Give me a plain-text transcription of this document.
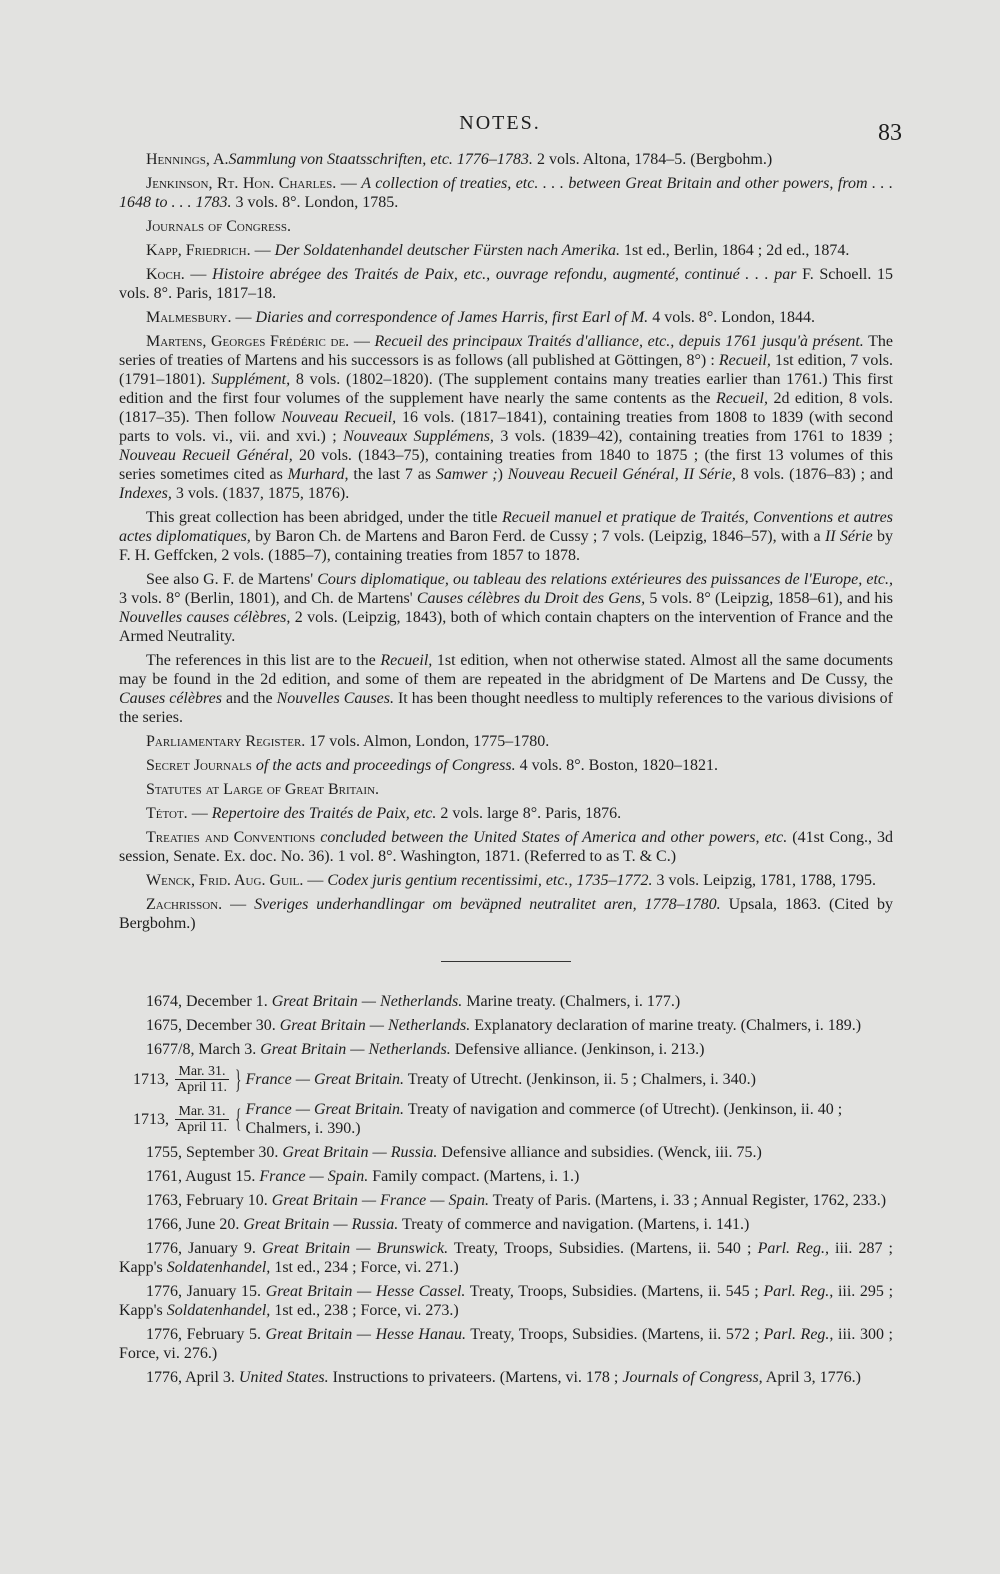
NOTES.	83

Hennings, A.Sammlung von Staatsschriften, etc. 1776–1783. 2 vols. Altona, 1784–5. (Bergbohm.)

Jenkinson, Rt. Hon. Charles. — A collection of treaties, etc. . . . between Great Britain and other powers, from . . . 1648 to . . . 1783. 3 vols. 8°. London, 1785.

Journals of Congress.

Kapp, Friedrich. — Der Soldatenhandel deutscher Fürsten nach Amerika. 1st ed., Berlin, 1864 ; 2d ed., 1874.

Koch. — Histoire abrégee des Traités de Paix, etc., ouvrage refondu, augmenté, continué . . . par F. Schoell. 15 vols. 8°. Paris, 1817–18.

Malmesbury. — Diaries and correspondence of James Harris, first Earl of M. 4 vols. 8°. London, 1844.

Martens, Georges Frédéric de. — Recueil des principaux Traités d'alliance, etc., depuis 1761 jusqu'à présent. The series of treaties of Martens and his successors is as follows (all published at Göttingen, 8°) : Recueil, 1st edition, 7 vols. (1791–1801). Supplément, 8 vols. (1802–1820). (The supplement contains many treaties earlier than 1761.) This first edition and the first four volumes of the supplement have nearly the same contents as the Recueil, 2d edition, 8 vols. (1817–35). Then follow Nouveau Recueil, 16 vols. (1817–1841), containing treaties from 1808 to 1839 (with second parts to vols. vi., vii. and xvi.) ; Nouveaux Supplémens, 3 vols. (1839–42), containing treaties from 1761 to 1839 ; Nouveau Recueil Général, 20 vols. (1843–75), containing treaties from 1840 to 1875 ; (the first 13 volumes of this series sometimes cited as Murhard, the last 7 as Samwer ;) Nouveau Recueil Général, II Série, 8 vols. (1876–83) ; and Indexes, 3 vols. (1837, 1875, 1876).

This great collection has been abridged, under the title Recueil manuel et pratique de Traités, Conventions et autres actes diplomatiques, by Baron Ch. de Martens and Baron Ferd. de Cussy ; 7 vols. (Leipzig, 1846–57), with a II Série by F. H. Geffcken, 2 vols. (1885–7), containing treaties from 1857 to 1878.

See also G. F. de Martens' Cours diplomatique, ou tableau des relations extérieures des puissances de l'Europe, etc., 3 vols. 8° (Berlin, 1801), and Ch. de Martens' Causes célèbres du Droit des Gens, 5 vols. 8° (Leipzig, 1858–61), and his Nouvelles causes célèbres, 2 vols. (Leipzig, 1843), both of which contain chapters on the intervention of France and the Armed Neutrality.

The references in this list are to the Recueil, 1st edition, when not otherwise stated. Almost all the same documents may be found in the 2d edition, and some of them are repeated in the abridgment of De Martens and De Cussy, the Causes célèbres and the Nouvelles Causes. It has been thought needless to multiply references to the various divisions of the series.

Parliamentary Register. 17 vols. Almon, London, 1775–1780.

Secret Journals of the acts and proceedings of Congress. 4 vols. 8°. Boston, 1820–1821.

Statutes at Large of Great Britain.

Tétot. — Repertoire des Traités de Paix, etc. 2 vols. large 8°. Paris, 1876.

Treaties and Conventions concluded between the United States of America and other powers, etc. (41st Cong., 3d session, Senate. Ex. doc. No. 36). 1 vol. 8°. Washington, 1871. (Referred to as T. & C.)

Wenck, Frid. Aug. Guil. — Codex juris gentium recentissimi, etc., 1735–1772. 3 vols. Leipzig, 1781, 1788, 1795.

Zachrisson. — Sveriges underhandlingar om beväpned neutralitet aren, 1778–1780. Upsala, 1863. (Cited by Bergbohm.)

1674, December 1. Great Britain — Netherlands. Marine treaty. (Chalmers, i. 177.)

1675, December 30. Great Britain — Netherlands. Explanatory declaration of marine treaty. (Chalmers, i. 189.)

1677/8, March 3. Great Britain — Netherlands. Defensive alliance. (Jenkinson, i. 213.)

1713, $\frac{\text{Mar. 31.}}{\text{April 11.}}$ } France — Great Britain. Treaty of Utrecht. (Jenkinson, ii. 5 ; Chalmers, i. 340.)
1713, $\frac{\text{Mar. 31.}}{\text{April 11.}}$ { France — Great Britain. Treaty of navigation and commerce (of Utrecht). (Jenkinson, ii. 40 ; Chalmers, i. 390.)

1755, September 30. Great Britain — Russia. Defensive alliance and subsidies. (Wenck, iii. 75.)

1761, August 15. France — Spain. Family compact. (Martens, i. 1.)

1763, February 10. Great Britain — France — Spain. Treaty of Paris. (Martens, i. 33 ; Annual Register, 1762, 233.)

1766, June 20. Great Britain — Russia. Treaty of commerce and navigation. (Martens, i. 141.)

1776, January 9. Great Britain — Brunswick. Treaty, Troops, Subsidies. (Martens, ii. 540 ; Parl. Reg., iii. 287 ; Kapp's Soldatenhandel, 1st ed., 234 ; Force, vi. 271.)

1776, January 15. Great Britain — Hesse Cassel. Treaty, Troops, Subsidies. (Martens, ii. 545 ; Parl. Reg., iii. 295 ; Kapp's Soldatenhandel, 1st ed., 238 ; Force, vi. 273.)

1776, February 5. Great Britain — Hesse Hanau. Treaty, Troops, Subsidies. (Martens, ii. 572 ; Parl. Reg., iii. 300 ; Force, vi. 276.)

1776, April 3. United States. Instructions to privateers. (Martens, vi. 178 ; Journals of Congress, April 3, 1776.)
